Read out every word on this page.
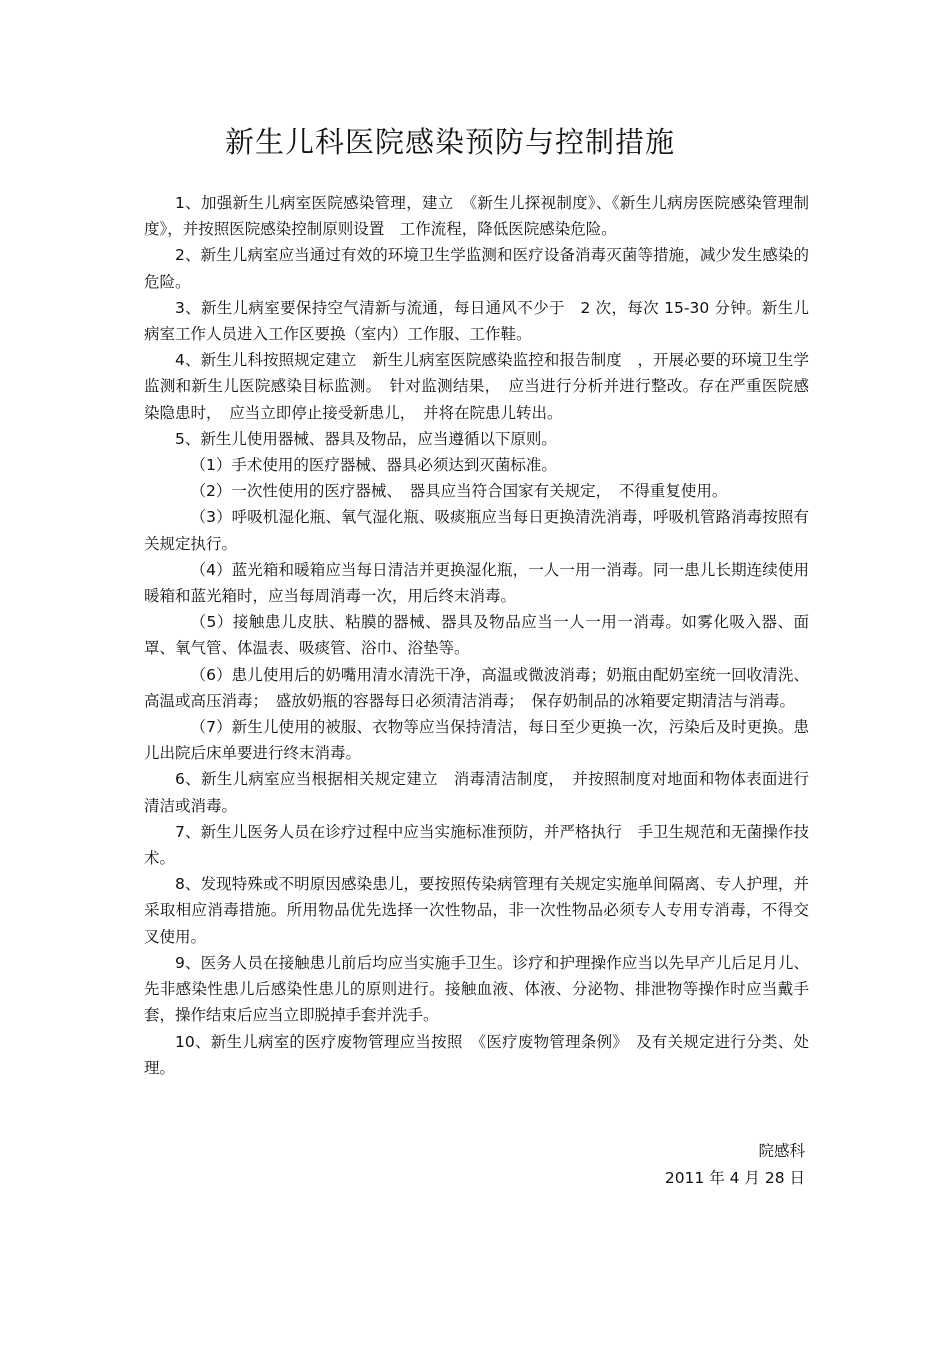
新生儿科医院感染预防与控制措施

1、加强新生儿病室医院感染管理，建立　《新生儿探视制度》、《新生儿病房医院感染管理制度》，并按照医院感染控制原则设置　工作流程，降低医院感染危险。

2、新生儿病室应当通过有效的环境卫生学监测和医疗设备消毒灭菌等措施，减少发生感染的危险。

3、新生儿病室要保持空气清新与流通，每日通风不少于　2 次，每次 15-30 分钟。新生儿病室工作人员进入工作区要换（室内）工作服、工作鞋。

4、新生儿科按照规定建立　新生儿病室医院感染监控和报告制度　，开展必要的环境卫生学监测和新生儿医院感染目标监测。　针对监测结果，　应当进行分析并进行整改。存在严重医院感染隐患时，　应当立即停止接受新患儿，　并将在院患儿转出。

5、新生儿使用器械、器具及物品，应当遵循以下原则。

（1）手术使用的医疗器械、器具必须达到灭菌标准。

（2）一次性使用的医疗器械、　器具应当符合国家有关规定，　不得重复使用。

（3）呼吸机湿化瓶、氧气湿化瓶、吸痰瓶应当每日更换清洗消毒，呼吸机管路消毒按照有关规定执行。

（4）蓝光箱和暖箱应当每日清洁并更换湿化瓶，一人一用一消毒。同一患儿长期连续使用暖箱和蓝光箱时，应当每周消毒一次，用后终末消毒。

（5）接触患儿皮肤、粘膜的器械、器具及物品应当一人一用一消毒。如雾化吸入器、面罩、氧气管、体温表、吸痰管、浴巾、浴垫等。

（6）患儿使用后的奶嘴用清水清洗干净，高温或微波消毒；奶瓶由配奶室统一回收清洗、高温或高压消毒；　盛放奶瓶的容器每日必须清洁消毒；　保存奶制品的冰箱要定期清洁与消毒。

（7）新生儿使用的被服、衣物等应当保持清洁，每日至少更换一次，污染后及时更换。患儿出院后床单要进行终末消毒。

6、新生儿病室应当根据相关规定建立　消毒清洁制度，　并按照制度对地面和物体表面进行清洁或消毒。

7、新生儿医务人员在诊疗过程中应当实施标准预防，并严格执行　手卫生规范和无菌操作技术。

8、发现特殊或不明原因感染患儿，要按照传染病管理有关规定实施单间隔离、专人护理，并采取相应消毒措施。所用物品优先选择一次性物品，非一次性物品必须专人专用专消毒，不得交叉使用。

9、医务人员在接触患儿前后均应当实施手卫生。诊疗和护理操作应当以先早产儿后足月儿、先非感染性患儿后感染性患儿的原则进行。接触血液、体液、分泌物、排泄物等操作时应当戴手套，操作结束后应当立即脱掉手套并洗手。

10、新生儿病室的医疗废物管理应当按照　《医疗废物管理条例》　及有关规定进行分类、处理。

院感科
2011 年 4 月 28 日
